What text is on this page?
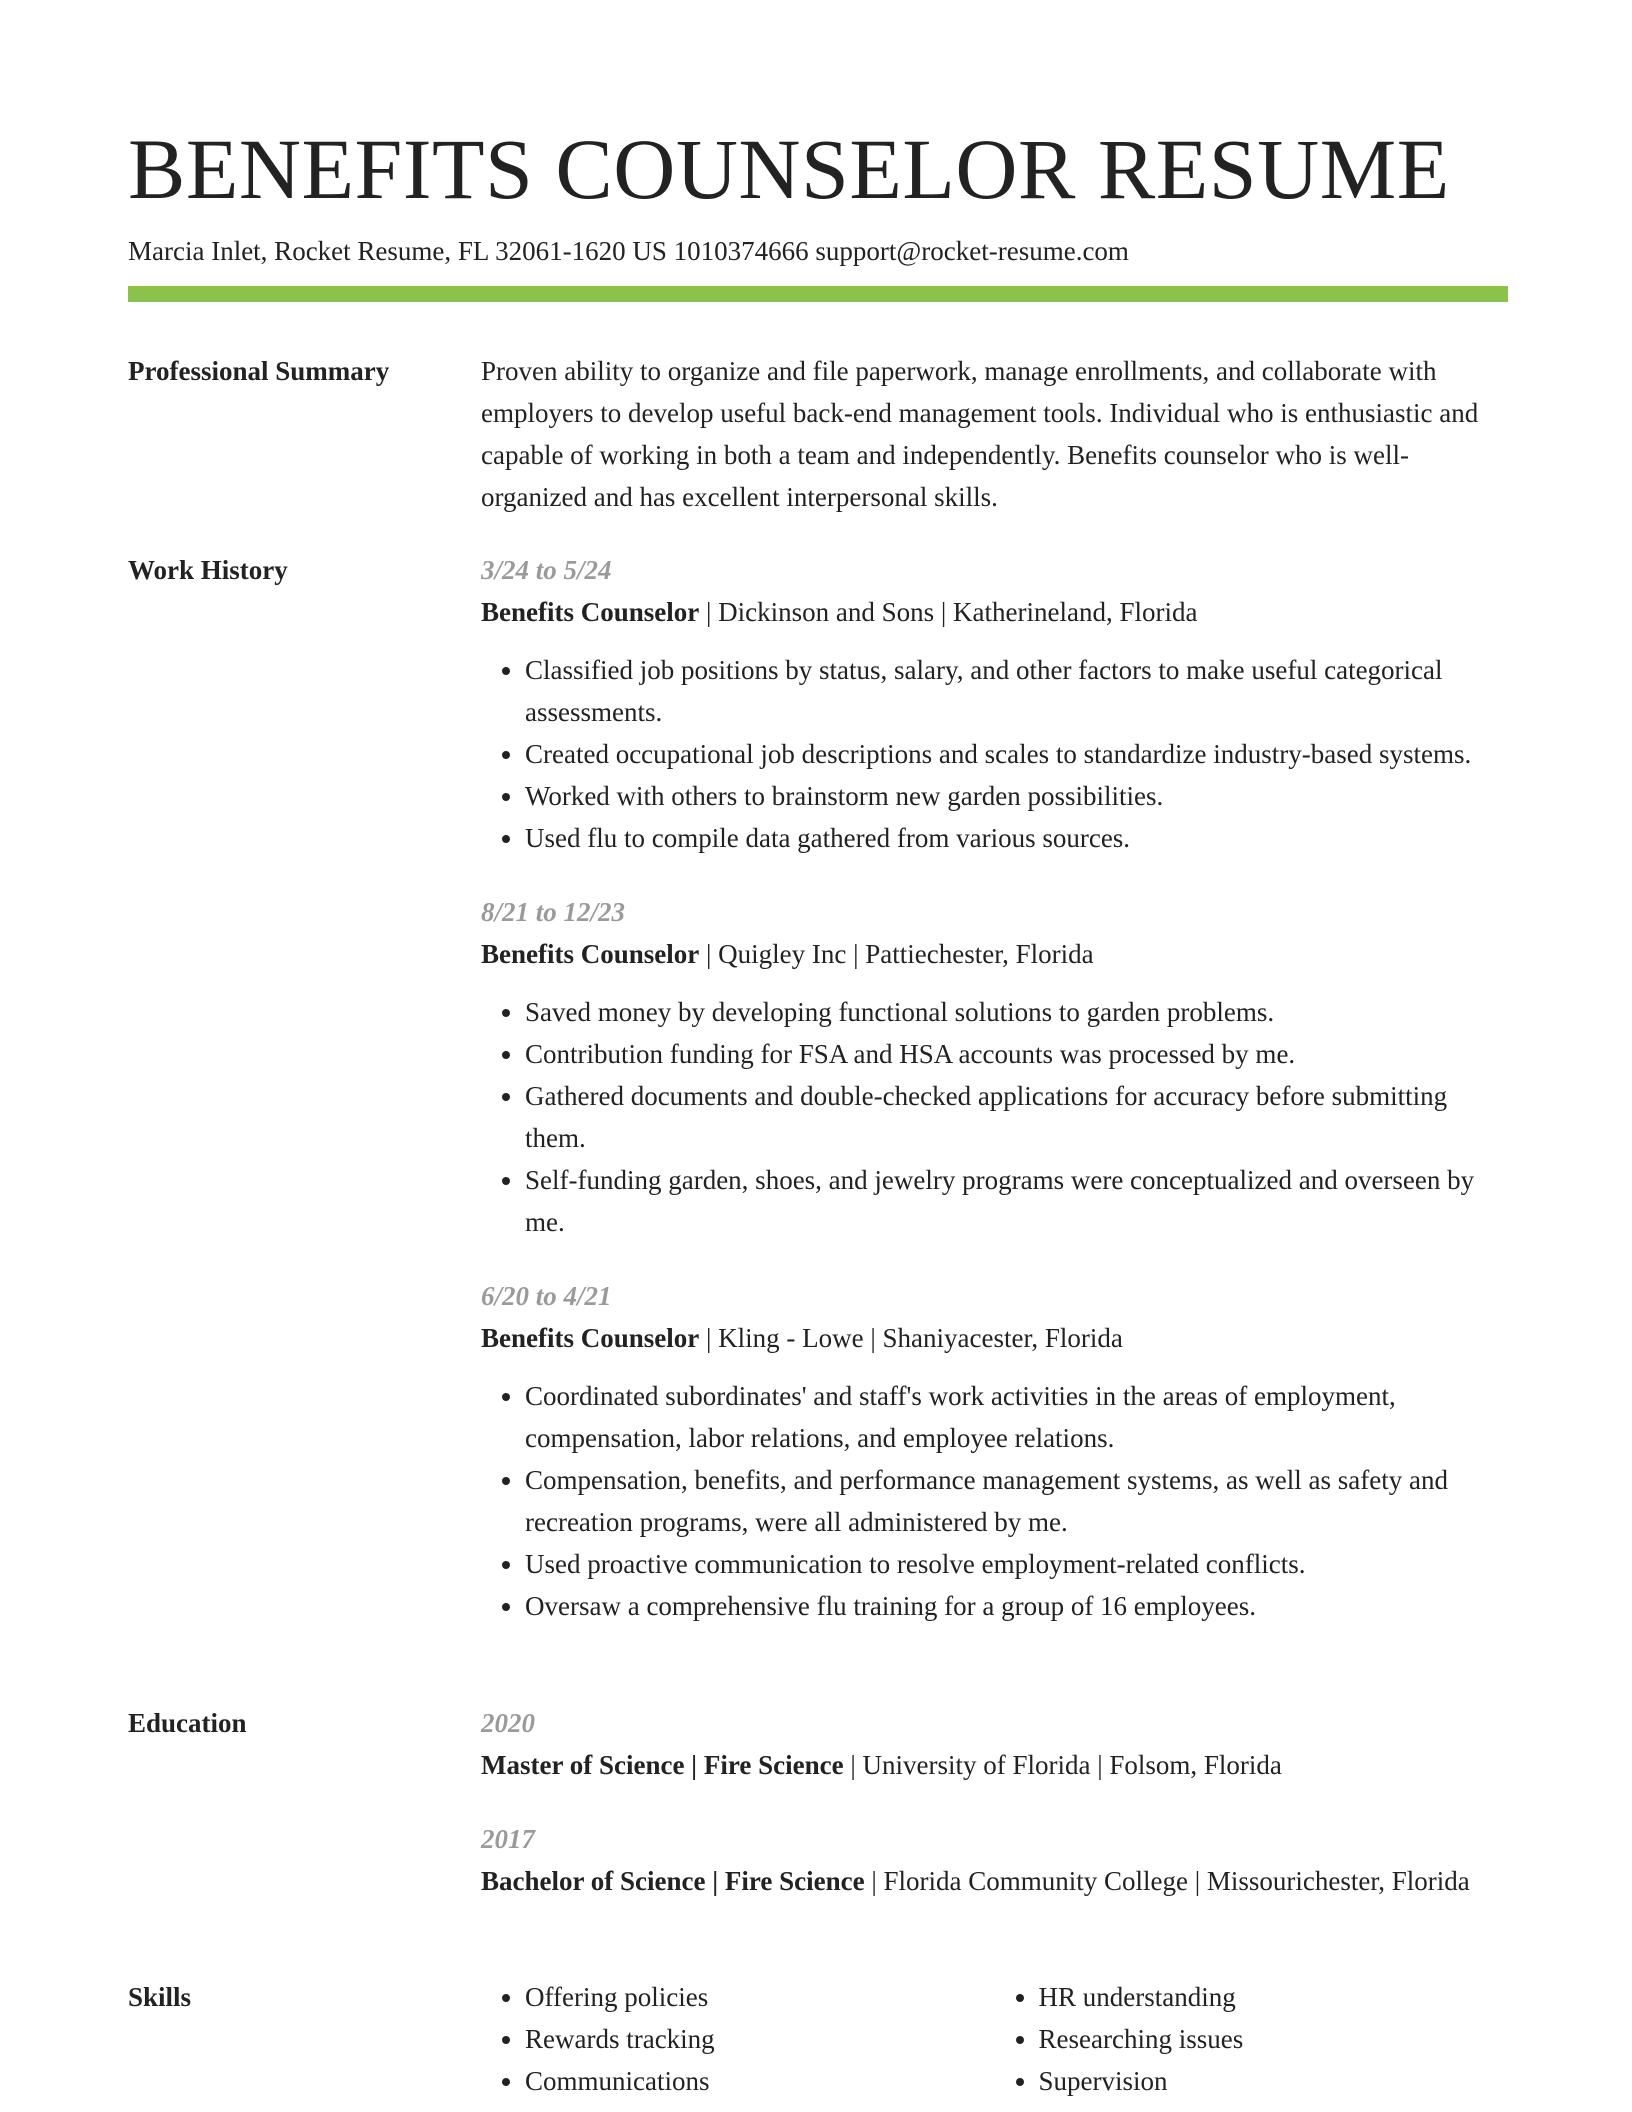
BENEFITS COUNSELOR RESUME
Marcia Inlet, Rocket Resume, FL 32061-1620 US 1010374666 support@rocket-resume.com
Professional Summary	Proven ability to organize and file paperwork, manage enrollments, and collaborate with employers to develop useful back-end management tools. Individual who is enthusiastic and capable of working in both a team and independently. Benefits counselor who is well-organized and has excellent interpersonal skills.

Work History	3/24 to 5/24
Benefits Counselor | Dickinson and Sons | Katherineland, Florida
• Classified job positions by status, salary, and other factors to make useful categorical assessments.
• Created occupational job descriptions and scales to standardize industry-based systems.
• Worked with others to brainstorm new garden possibilities.
• Used flu to compile data gathered from various sources.
8/21 to 12/23
Benefits Counselor | Quigley Inc | Pattiechester, Florida
• Saved money by developing functional solutions to garden problems.
• Contribution funding for FSA and HSA accounts was processed by me.
• Gathered documents and double-checked applications for accuracy before submitting them.
• Self-funding garden, shoes, and jewelry programs were conceptualized and overseen by me.
6/20 to 4/21
Benefits Counselor | Kling - Lowe | Shaniyacester, Florida
• Coordinated subordinates' and staff's work activities in the areas of employment, compensation, labor relations, and employee relations.
• Compensation, benefits, and performance management systems, as well as safety and recreation programs, were all administered by me.
• Used proactive communication to resolve employment-related conflicts.
• Oversaw a comprehensive flu training for a group of 16 employees.
Education	2020
Master of Science | Fire Science | University of Florida | Folsom, Florida
2017
Bachelor of Science | Fire Science | Florida Community College | Missourichester, Florida
Skills
•	Offering policies
• Rewards tracking
• Communications
• HR understanding
• Researching issues
• Supervision
